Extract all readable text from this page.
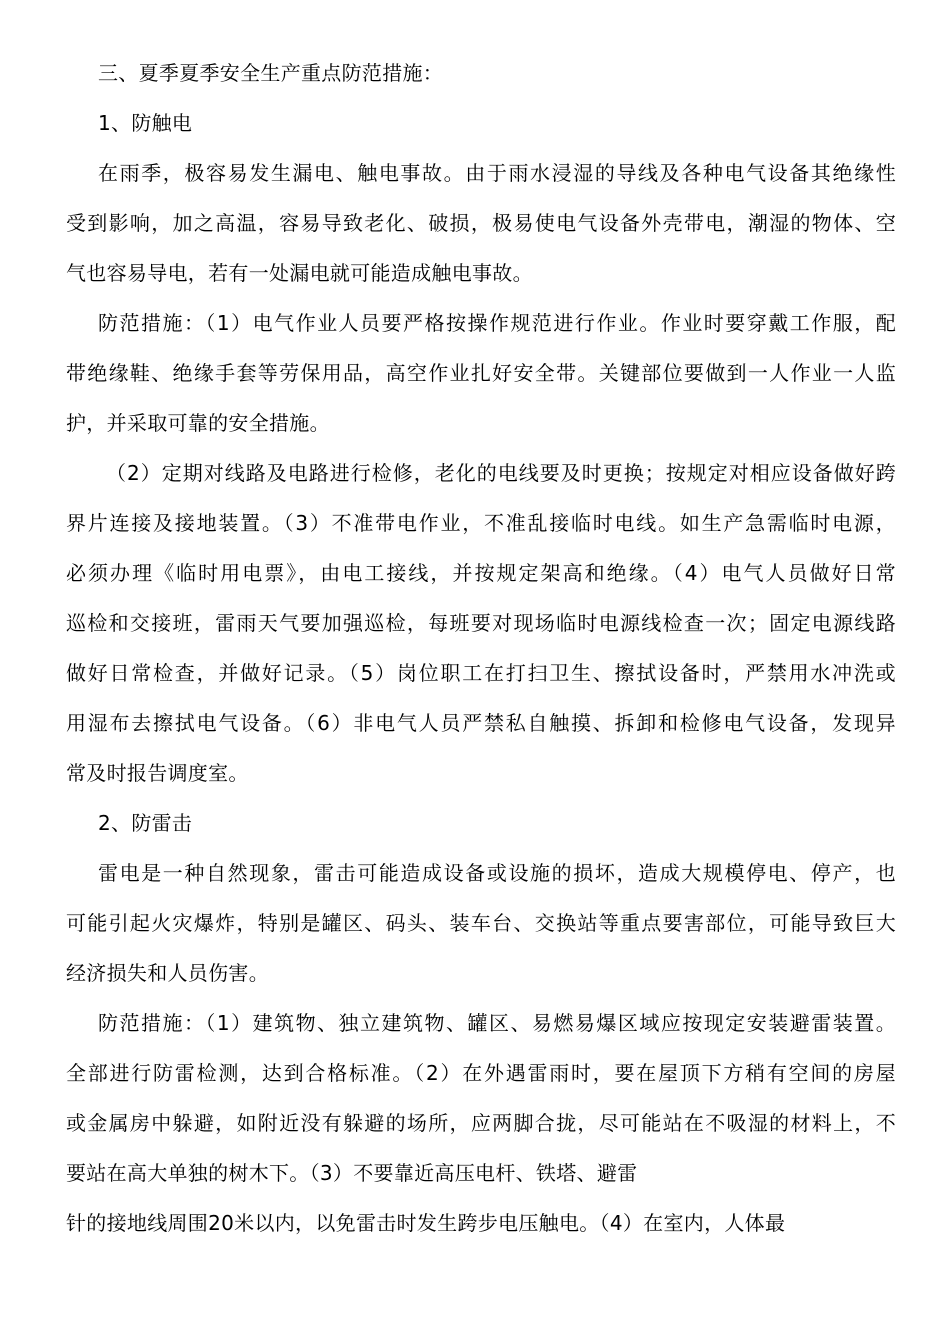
三、夏季夏季安全生产重点防范措施：
1、防触电
在雨季，极容易发生漏电、触电事故。由于雨水浸湿的导线及各种电气设备其绝缘性
受到影响，加之高温，容易导致老化、破损，极易使电气设备外壳带电，潮湿的物体、空
气也容易导电，若有一处漏电就可能造成触电事故。
防范措施：（1）电气作业人员要严格按操作规范进行作业。作业时要穿戴工作服，配
带绝缘鞋、绝缘手套等劳保用品，高空作业扎好安全带。关键部位要做到一人作业一人监
护，并采取可靠的安全措施。
（2）定期对线路及电路进行检修，老化的电线要及时更换；按规定对相应设备做好跨
界片连接及接地装置。（3）不准带电作业，不准乱接临时电线。如生产急需临时电源，
必须办理《临时用电票》，由电工接线，并按规定架高和绝缘。（4）电气人员做好日常
巡检和交接班，雷雨天气要加强巡检，每班要对现场临时电源线检查一次；固定电源线路
做好日常检查，并做好记录。（5）岗位职工在打扫卫生、擦拭设备时，严禁用水冲洗或
用湿布去擦拭电气设备。（6）非电气人员严禁私自触摸、拆卸和检修电气设备，发现异
常及时报告调度室。
2、防雷击
雷电是一种自然现象，雷击可能造成设备或设施的损坏，造成大规模停电、停产，也
可能引起火灾爆炸，特别是罐区、码头、装车台、交换站等重点要害部位，可能导致巨大
经济损失和人员伤害。
防范措施：（1）建筑物、独立建筑物、罐区、易燃易爆区域应按现定安装避雷装置。
全部进行防雷检测，达到合格标准。（2）在外遇雷雨时，要在屋顶下方稍有空间的房屋
或金属房中躲避，如附近没有躲避的场所，应两脚合拢，尽可能站在不吸湿的材料上，不
要站在高大单独的树木下。（3）不要靠近高压电杆、铁塔、避雷
针的接地线周围20米以内，以免雷击时发生跨步电压触电。（4）在室内，人体最
